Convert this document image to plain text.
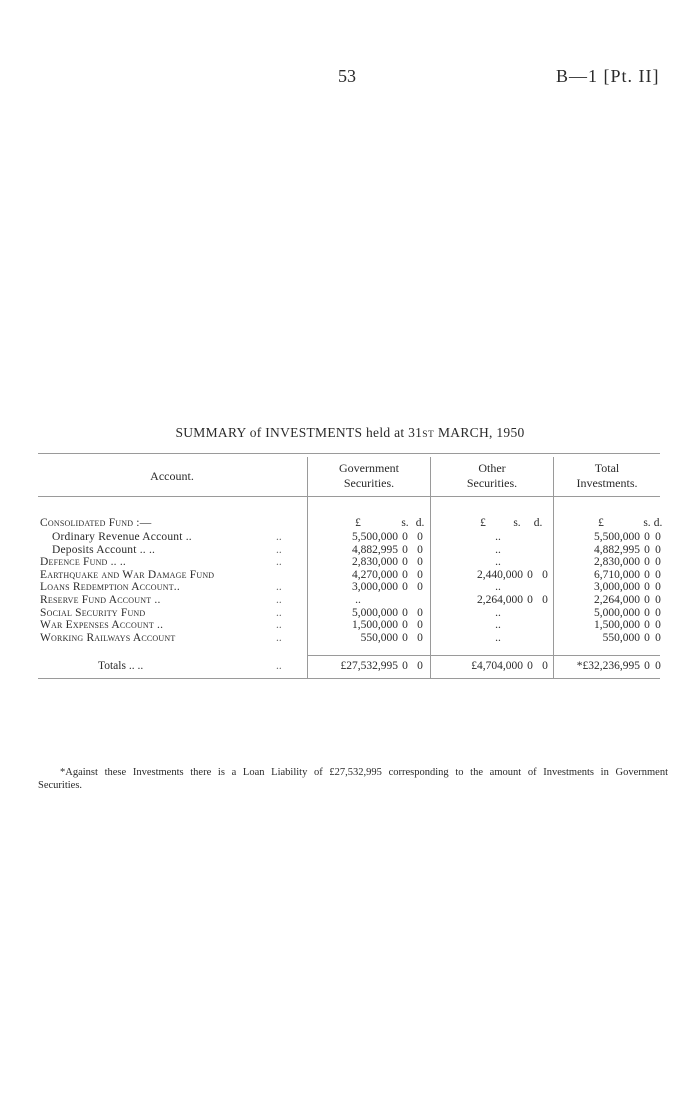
53	B—1 [Pt. II]
SUMMARY of INVESTMENTS held at 31ST MARCH, 1950
Account.
Government
Securities.
Other
Securities.
Total
Investments.
Consolidated Fund :—	£	s. d.	£	s. d.	£	s. d.
Ordinary Revenue Account ..	..	5,500,000 0 0	..	5,500,000 0 0
Deposits Account .. ..	..	4,882,995 0 0	..	4,882,995 0 0
Defence Fund .. ..	..	2,830,000 0 0	..	2,830,000 0 0
Earthquake and War Damage Fund	4,270,000 0 0	2,440,000 0 0	6,710,000 0 0
Loans Redemption Account..	..	3,000,000 0 0	..	3,000,000 0 0
Reserve Fund Account ..	..	..	2,264,000 0 0	2,264,000 0 0
Social Security Fund	..	5,000,000 0 0	..	5,000,000 0 0
War Expenses Account ..	..	1,500,000 0 0	..	1,500,000 0 0
Working Railways Account	..	550,000 0 0	..	550,000 0 0
Totals .. ..	..	£27,532,995 0 0	£4,704,000 0 0	*£32,236,995 0 0
*Against these Investments there is a Loan Liability of £27,532,995 corresponding to the amount of Investments in Government Securities.
